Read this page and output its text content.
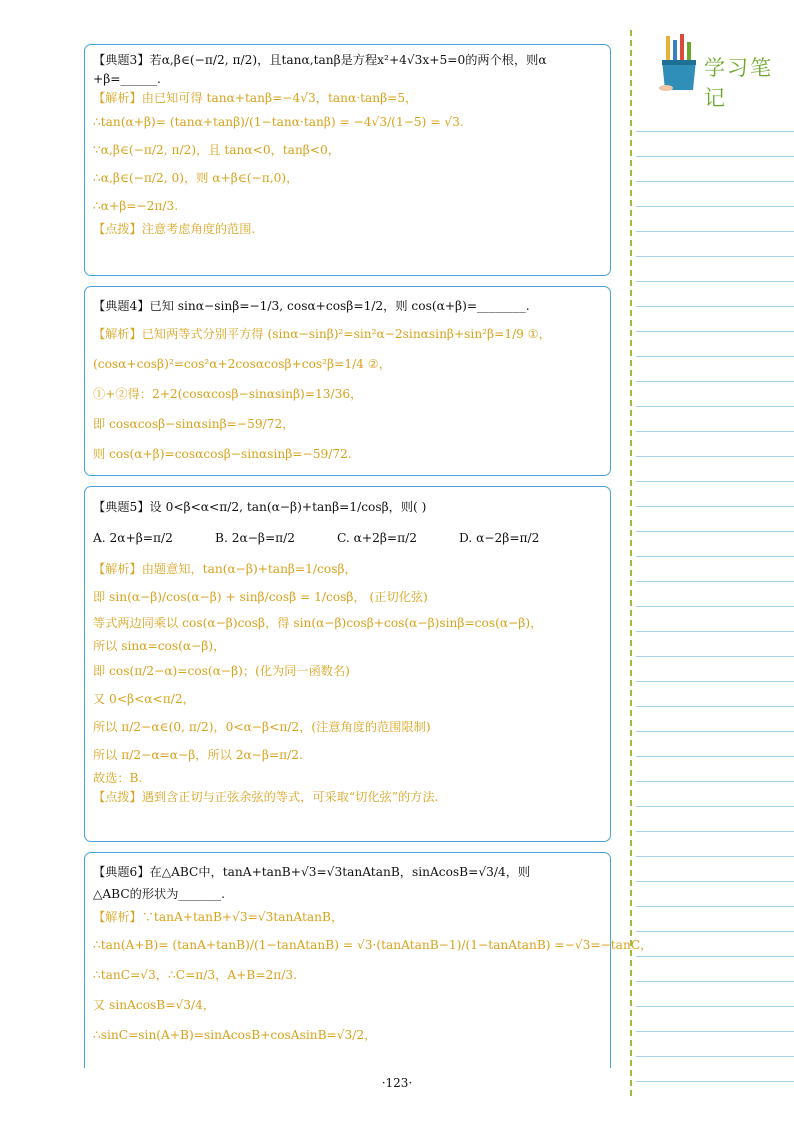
【典题3】若α,β∈(−π/2, π/2)，且tanα,tanβ是方程x²+4√3x+5=0的两个根，则α
+β=______.
【解析】由已知可得 tanα+tanβ=−4√3，tanα·tanβ=5，
∴tan(α+β)= (tanα+tanβ)/(1−tanα·tanβ) = −4√3/(1−5) = √3.
∵α,β∈(−π/2, π/2)，且 tanα<0，tanβ<0，
∴α,β∈(−π/2, 0)，则 α+β∈(−π,0)，
∴α+β=−2π/3.
【点拨】注意考虑角度的范围.
【典题4】已知 sinα−sinβ=−1/3, cosα+cosβ=1/2，则 cos(α+β)=________.
【解析】已知两等式分别平方得 (sinα−sinβ)²=sin²α−2sinαsinβ+sin²β=1/9 ①，
(cosα+cosβ)²=cos²α+2cosαcosβ+cos²β=1/4 ②，
①+②得：2+2(cosαcosβ−sinαsinβ)=13/36，
即 cosαcosβ−sinαsinβ=−59/72，
则 cos(α+β)=cosαcosβ−sinαsinβ=−59/72.
【典题5】设 0<β<α<π/2, tan(α−β)+tanβ=1/cosβ，则( )
A. 2α+β=π/2	B. 2α−β=π/2	C. α+2β=π/2	D. α−2β=π/2
【解析】由题意知，tan(α−β)+tanβ=1/cosβ，
即 sin(α−β)/cos(α−β) + sinβ/cosβ = 1/cosβ， (正切化弦)
等式两边同乘以 cos(α−β)cosβ，得 sin(α−β)cosβ+cos(α−β)sinβ=cos(α−β)，
所以 sinα=cos(α−β)，
即 cos(π/2−α)=cos(α−β)；(化为同一函数名)
又 0<β<α<π/2，
所以 π/2−α∈(0, π/2)，0<α−β<π/2，(注意角度的范围限制)
所以 π/2−α=α−β，所以 2α−β=π/2.
故选：B.
【点拨】遇到含正切与正弦余弦的等式，可采取“切化弦”的方法.
【典题6】在△ABC中，tanA+tanB+√3=√3tanAtanB，sinAcosB=√3/4，则
△ABC的形状为_______.
【解析】∵tanA+tanB+√3=√3tanAtanB，
∴tan(A+B)= (tanA+tanB)/(1−tanAtanB) = √3·(tanAtanB−1)/(1−tanAtanB) =−√3=−tanC，
∴tanC=√3，∴C=π/3，A+B=2π/3.
又 sinAcosB=√3/4，
∴sinC=sin(A+B)=sinAcosB+cosAsinB=√3/2，
学习笔记
·123·
